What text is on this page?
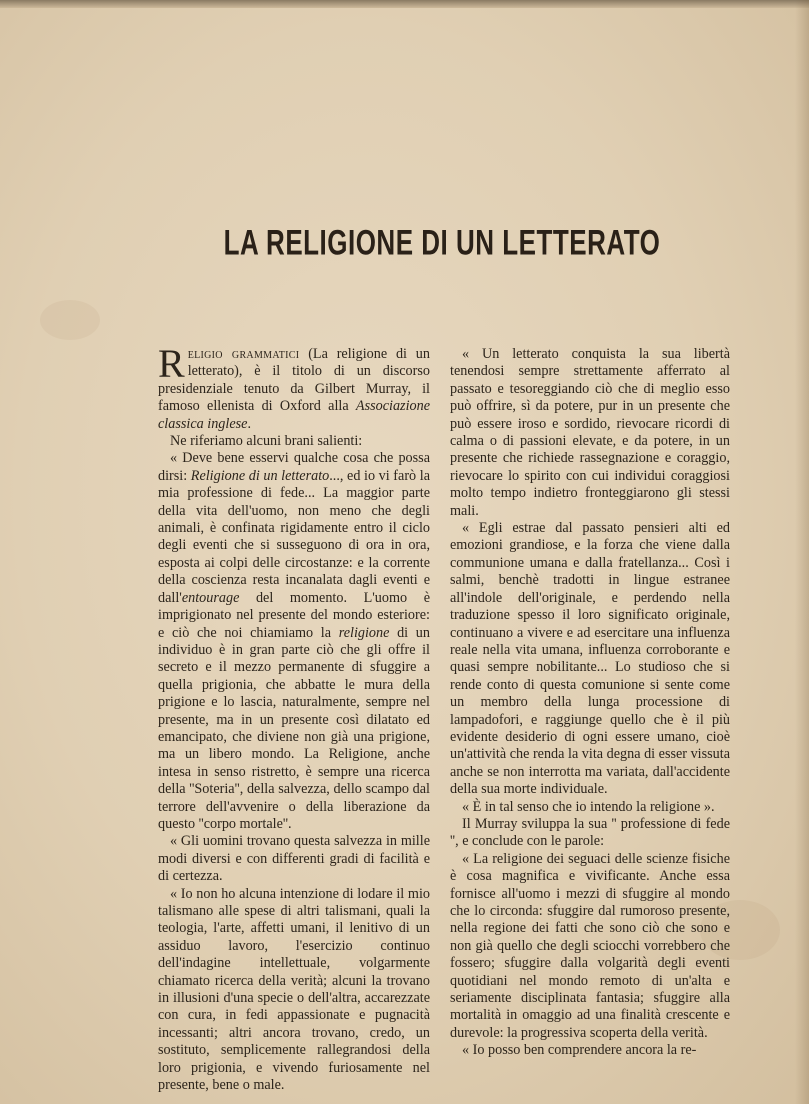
LA RELIGIONE DI UN LETTERATO

Religio grammatici (La religione di un letterato), è il titolo di un discorso presidenziale tenuto da Gilbert Murray, il famoso ellenista di Oxford alla Associazione classica inglese.

Ne riferiamo alcuni brani salienti:

« Deve bene esservi qualche cosa che possa dirsi: Religione di un letterato..., ed io vi farò la mia professione di fede... La maggior parte della vita dell'uomo, non meno che degli animali, è confinata rigidamente entro il ciclo degli eventi che si susseguono di ora in ora, esposta ai colpi delle circostanze: e la corrente della coscienza resta incanalata dagli eventi e dall'entourage del momento. L'uomo è imprigionato nel presente del mondo esteriore: e ciò che noi chiamiamo la religione di un individuo è in gran parte ciò che gli offre il secreto e il mezzo permanente di sfuggire a quella prigionia, che abbatte le mura della prigione e lo lascia, naturalmente, sempre nel presente, ma in un presente così dilatato ed emancipato, che diviene non già una prigione, ma un libero mondo. La Religione, anche intesa in senso ristretto, è sempre una ricerca della ''Soteria'', della salvezza, dello scampo dal terrore dell'avvenire o della liberazione da questo ''corpo mortale''.

« Gli uomini trovano questa salvezza in mille modi diversi e con differenti gradi di facilità e di certezza.

« Io non ho alcuna intenzione di lodare il mio talismano alle spese di altri talismani, quali la teologia, l'arte, affetti umani, il lenitivo di un assiduo lavoro, l'esercizio continuo dell'indagine intellettuale, volgarmente chiamato ricerca della verità; alcuni la trovano in illusioni d'una specie o dell'altra, accarezzate con cura, in fedi appassionate e pugnacità incessanti; altri ancora trovano, credo, un sostituto, semplicemente rallegrandosi della loro prigionia, e vivendo furiosamente nel presente, bene o male.

« Un letterato conquista la sua libertà tenendosi sempre strettamente afferrato al passato e tesoreggiando ciò che di meglio esso può offrire, sì da potere, pur in un presente che può essere iroso e sordido, rievocare ricordi di calma o di passioni elevate, e da potere, in un presente che richiede rassegnazione e coraggio, rievocare lo spirito con cui individui coraggiosi molto tempo indietro fronteggiarono gli stessi mali.

« Egli estrae dal passato pensieri alti ed emozioni grandiose, e la forza che viene dalla communione umana e dalla fratellanza... Così i salmi, benchè tradotti in lingue estranee all'indole dell'originale, e perdendo nella traduzione spesso il loro significato originale, continuano a vivere e ad esercitare una influenza reale nella vita umana, influenza corroborante e quasi sempre nobilitante... Lo studioso che si rende conto di questa comunione si sente come un membro della lunga processione di lampadofori, e raggiunge quello che è il più evidente desiderio di ogni essere umano, cioè un'attività che renda la vita degna di esser vissuta anche se non interrotta ma variata, dall'accidente della sua morte individuale.

« È in tal senso che io intendo la religione ».

Il Murray sviluppa la sua '' professione di fede '', e conclude con le parole:

« La religione dei seguaci delle scienze fisiche è cosa magnifica e vivificante. Anche essa fornisce all'uomo i mezzi di sfuggire al mondo che lo circonda: sfuggire dal rumoroso presente, nella regione dei fatti che sono ciò che sono e non già quello che degli sciocchi vorrebbero che fossero; sfuggire dalla volgarità degli eventi quotidiani nel mondo remoto di un'alta e seriamente disciplinata fantasia; sfuggire alla mortalità in omaggio ad una finalità crescente e durevole: la progressiva scoperta della verità.

« Io posso ben comprendere ancora la re-
